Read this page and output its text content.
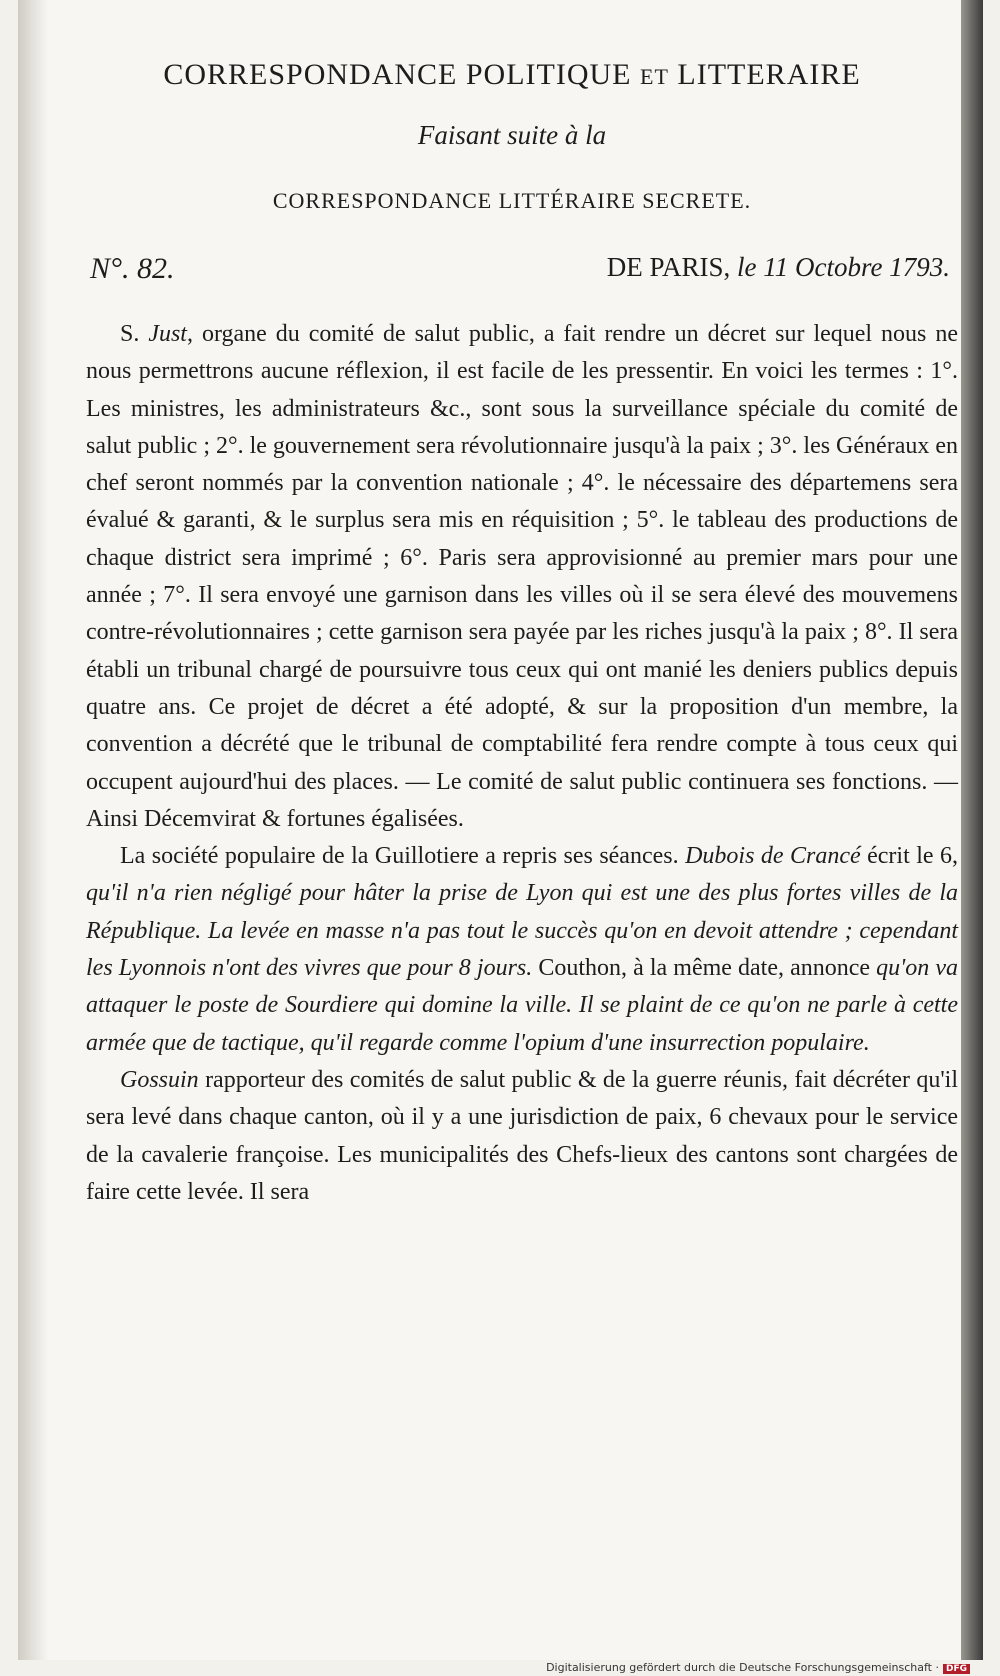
CORRESPONDANCE POLITIQUE ET LITTERAIRE
Faisant suite à la
CORRESPONDANCE LITTÉRAIRE SECRETE.
N°. 82.	DE PARIS, le 11 Octobre 1793.

S. Just, organe du comité de salut public, a fait rendre un décret sur lequel nous ne nous permettrons aucune réflexion, il est facile de les pressentir. En voici les termes : 1°. Les ministres, les administrateurs &c., sont sous la surveillance spéciale du comité de salut public ; 2°. le gouvernement sera révolutionnaire jusqu'à la paix ; 3°. les Généraux en chef seront nommés par la convention nationale ; 4°. le nécessaire des départemens sera évalué & garanti, & le surplus sera mis en réquisition ; 5°. le tableau des productions de chaque district sera imprimé ; 6°. Paris sera approvisionné au premier mars pour une année ; 7°. Il sera envoyé une garnison dans les villes où il se sera élevé des mouvemens contre-révolutionnaires ; cette garnison sera payée par les riches jusqu'à la paix ; 8°. Il sera établi un tribunal chargé de poursuivre tous ceux qui ont manié les deniers publics depuis quatre ans. Ce projet de décret a été adopté, & sur la proposition d'un membre, la convention a décrété que le tribunal de comptabilité fera rendre compte à tous ceux qui occupent aujourd'hui des places. — Le comité de salut public continuera ses fonctions. — Ainsi Décemvirat & fortunes égalisées.

La société populaire de la Guillotiere a repris ses séances. Dubois de Crancé écrit le 6, qu'il n'a rien négligé pour hâter la prise de Lyon qui est une des plus fortes villes de la République. La levée en masse n'a pas tout le succès qu'on en devoit attendre ; cependant les Lyonnois n'ont des vivres que pour 8 jours. Couthon, à la même date, annonce qu'on va attaquer le poste de Sourdiere qui domine la ville. Il se plaint de ce qu'on ne parle à cette armée que de tactique, qu'il regarde comme l'opium d'une insurrection populaire.

Gossuin rapporteur des comités de salut public & de la guerre réunis, fait décréter qu'il sera levé dans chaque canton, où il y a une jurisdiction de paix, 6 chevaux pour le service de la cavalerie françoise. Les municipalités des Chefs-lieux des cantons sont chargées de faire cette levée. Il sera

Digitalisierung gefördert durch die Deutsche Forschungsgemeinschaft · DFG
